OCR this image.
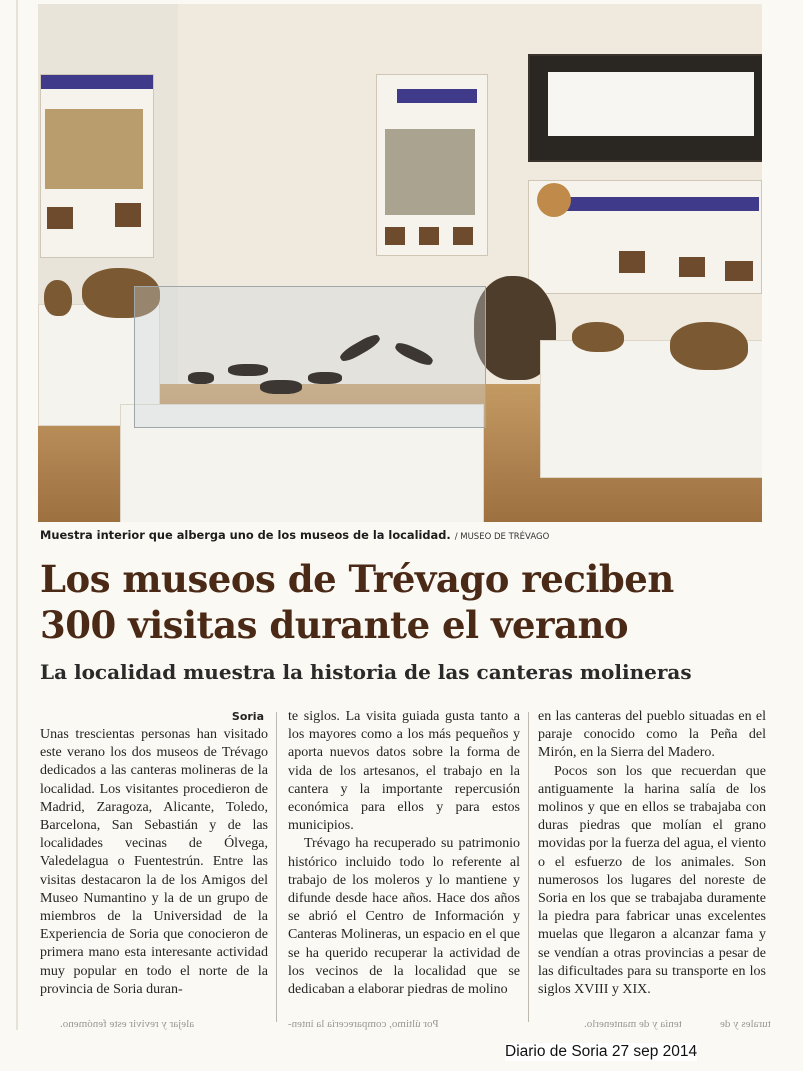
Muestra interior que alberga uno de los museos de la localidad. / MUSEO DE TRÉVAGO
Los museos de Trévago reciben
300 visitas durante el verano
La localidad muestra la historia de las canteras molineras
Soria

Unas trescientas personas han visitado este verano los dos museos de Trévago dedicados a las canteras molineras de la localidad. Los visitantes procedieron de Madrid, Zaragoza, Alicante, Toledo, Barcelona, San Sebastián y de las localidades vecinas de Ólvega, Valedelagua o Fuentestrún. Entre las visitas destacaron la de los Amigos del Museo Numantino y la de un grupo de miembros de la Universidad de la Experiencia de Soria que conocieron de primera mano esta interesante actividad muy popular en todo el norte de la provincia de Soria duran-

te siglos. La visita guiada gusta tanto a los mayores como a los más pequeños y aporta nuevos datos sobre la forma de vida de los artesanos, el trabajo en la cantera y la importante repercusión económica para ellos y para estos municipios.

Trévago ha recuperado su patrimonio histórico incluido todo lo referente al trabajo de los moleros y lo mantiene y difunde desde hace años. Hace dos años se abrió el Centro de Información y Canteras Molineras, un espacio en el que se ha querido recuperar la actividad de los vecinos de la localidad que se dedicaban a elaborar piedras de molino

en las canteras del pueblo situadas en el paraje conocido como la Peña del Mirón, en la Sierra del Madero.

Pocos son los que recuerdan que antiguamente la harina salía de los molinos y que en ellos se trabajaba con duras piedras que molían el grano movidas por la fuerza del agua, el viento o el esfuerzo de los animales. Son numerosos los lugares del noreste de Soria en los que se trabajaba duramente la piedra para fabricar unas excelentes muelas que llegaron a alcanzar fama y se vendían a otras provincias a pesar de las dificultades para su transporte en los siglos XVIII y XIX.

alejar y revivir este fenómeno.	Por último, comparecería la inten-	tenía y de mantenerlo.	turales y de
Diario de Soria 27 sep 2014
